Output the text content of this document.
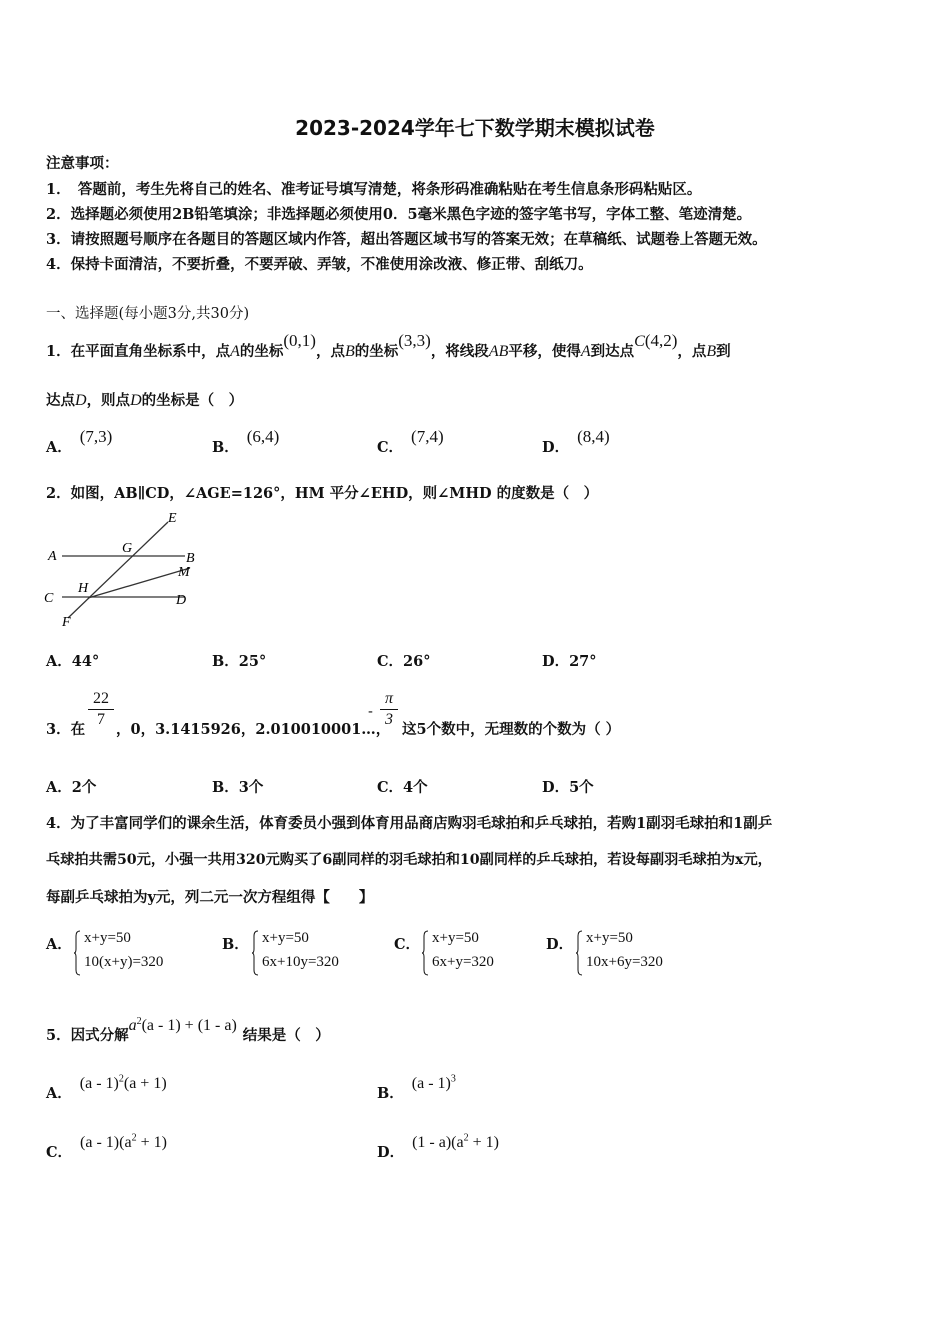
2023-2024学年七下数学期末模拟试卷
注意事项：
1．　答题前，考生先将自己的姓名、准考证号填写清楚，将条形码准确粘贴在考生信息条形码粘贴区。
2．选择题必须使用2B铅笔填涂；非选择题必须使用0．5毫米黑色字迹的签字笔书写，字体工整、笔迹清楚。
3．请按照题号顺序在各题目的答题区域内作答，超出答题区域书写的答案无效；在草稿纸、试题卷上答题无效。
4．保持卡面清洁，不要折叠，不要弄破、弄皱，不准使用涂改液、修正带、刮纸刀。
一、选择题(每小题3分,共30分)
1．在平面直角坐标系中，点A的坐标(0,1)，点B的坐标(3,3)，将线段AB平移，使得A到达点C(4,2)，点B到
达点D，则点D的坐标是（　）
A．(7,3)
B．(6,4)
C．(7,4)
D．(8,4)
2．如图，AB∥CD，∠AGE=126°，HM 平分∠EHD，则∠MHD 的度数是（　）
A	B
C	D
E
F
G
H
M
A．44°	B．25°	C．26°	D．27°
3．在
22
7
，0，3.1415926，2.010010001…，
-
π
3
这5个数中，无理数的个数为（ ）
A．2个	B．3个	C．4个	D．5个
4．为了丰富同学们的课余生活，体育委员小强到体育用品商店购羽毛球拍和乒乓球拍，若购1副羽毛球拍和1副乒
乓球拍共需50元，小强一共用320元购买了6副同样的羽毛球拍和10副同样的乒乓球拍，若设每副羽毛球拍为x元，
每副乒乓球拍为y元，列二元一次方程组得【　　】
A． x+y=50
10(x+y)=320
B． x+y=50
6x+10y=320
C． x+y=50
6x+y=320
D． x+y=50
10x+6y=320
5．因式分解$a^2(a - 1) + (1 - a)$结果是（　）
A．(a - 1)$^2$(a + 1)
B．(a - 1)$^3$
C．$(a - 1)(a^2 + 1)$
D．$(1 - a)(a^2 + 1)$
